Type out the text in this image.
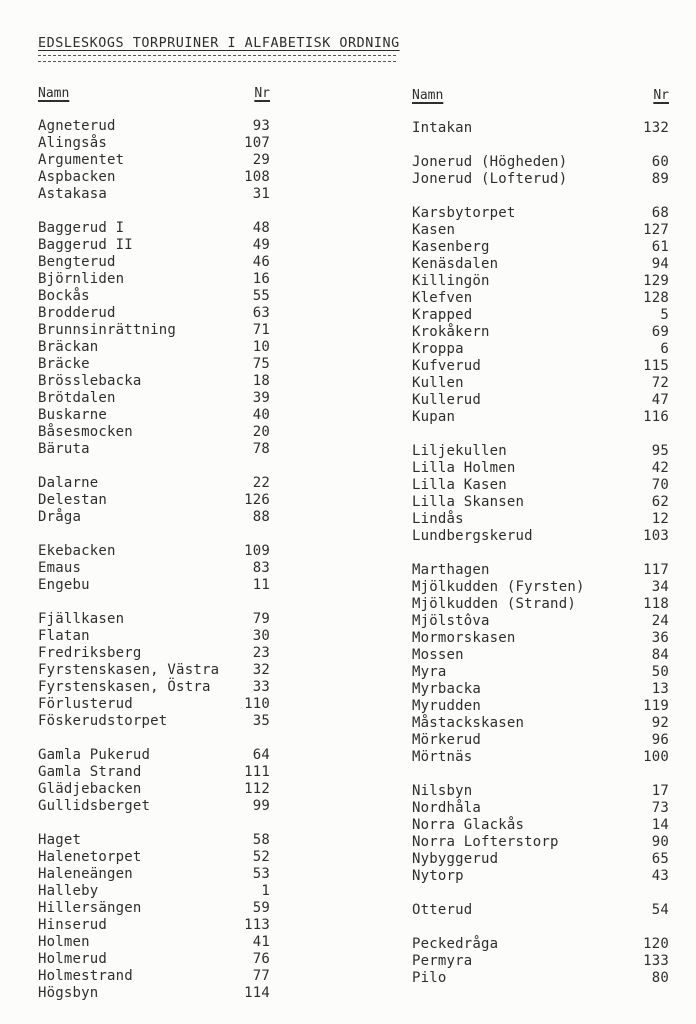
EDSLESKOGS TORPRUINER I ALFABETISK ORDNING
Namn	Nr
Agneterud	93
Alingsås	107
Argumentet	29
Aspbacken	108
Astakasa	31
Baggerud I	48
Baggerud II	49
Bengterud	46
Björnliden	16
Bockås	55
Brodderud	63
Brunnsinrättning	71
Bräckan	10
Bräcke	75
Brösslebacka	18
Brötdalen	39
Buskarne	40
Båsesmocken	20
Bäruta	78
Dalarne	22
Delestan	126
Dråga	88
Ekebacken	109
Emaus	83
Engebu	11
Fjällkasen	79
Flatan	30
Fredriksberg	23
Fyrstenskasen, Västra 32
Fyrstenskasen, Östra	33
Förlusterud	110
Föskerudstorpet	35
Gamla Pukerud	64
Gamla Strand	111
Glädjebacken	112
Gullidsberget	99
Haget	58
Halenetorpet	52
Haleneängen	53
Halleby	1
Hillersängen	59
Hinserud	113
Holmen	41
Holmerud	76
Holmestrand	77
Högsbyn	114
Namn	Nr
Intakan	132
Jonerud (Högheden)	60
Jonerud (Lofterud)	89
Karsbytorpet	68
Kasen	127
Kasenberg	61
Kenäsdalen	94
Killingön	129
Klefven	128
Krapped	5
Krokåkern	69
Kroppa	6
Kufverud	115
Kullen	72
Kullerud	47
Kupan	116
Liljekullen	95
Lilla Holmen	42
Lilla Kasen	70
Lilla Skansen	62
Lindås	12
Lundbergskerud	103
Marthagen	117
Mjölkudden (Fyrsten)	34
Mjölkudden (Strand)	118
Mjölstôva	24
Mormorskasen	36
Mossen	84
Myra	50
Myrbacka	13
Myrudden	119
Måstackskasen	92
Mörkerud	96
Mörtnäs	100
Nilsbyn	17
Nordhåla	73
Norra Glackås	14
Norra Lofterstorp	90
Nybyggerud	65
Nytorp	43
Otterud	54
Peckedråga	120
Permyra	133
Pilo	80
